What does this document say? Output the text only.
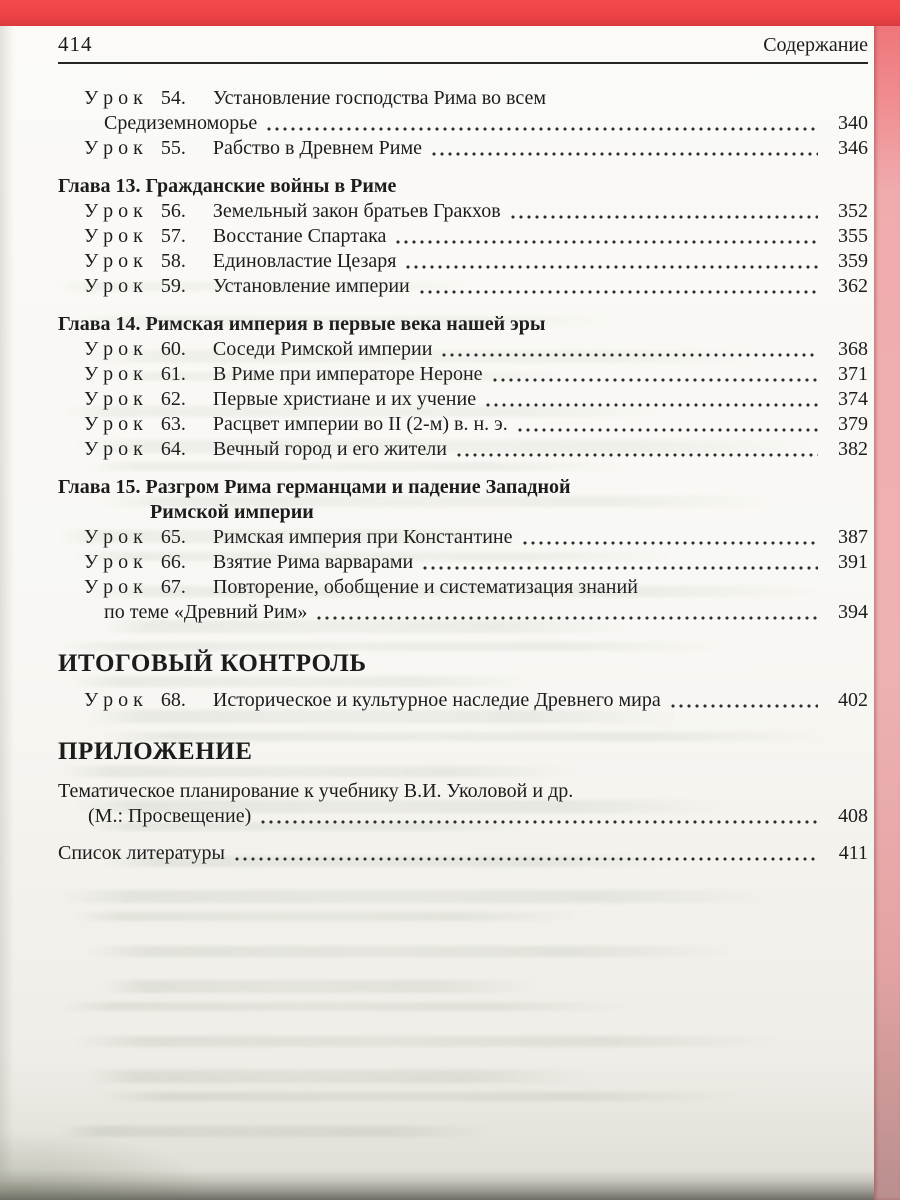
414	Содержание
У р о к 54.	Установление господства Рима во всем
Средиземноморье	340
У р о к 55.	Рабство в Древнем Риме	346
Глава 13. Гражданские войны в Риме
У р о к 56.	Земельный закон братьев Гракхов	352
У р о к 57.	Восстание Спартака	355
У р о к 58.	Единовластие Цезаря	359
У р о к 59.	Установление империи	362
Глава 14. Римская империя в первые века нашей эры
У р о к 60.	Соседи Римской империи	368
У р о к 61.	В Риме при императоре Нероне	371
У р о к 62.	Первые христиане и их учение	374
У р о к 63.	Расцвет империи во II (2-м) в. н. э.	379
У р о к 64.	Вечный город и его жители	382
Глава 15. Разгром Рима германцами и падение Западной
Римской империи
У р о к 65.	Римская империя при Константине	387
У р о к 66.	Взятие Рима варварами	391
У р о к 67.	Повторение, обобщение и систематизация знаний
по теме «Древний Рим»	394
ИТОГОВЫЙ КОНТРОЛЬ
У р о к 68.	Историческое и культурное наследие Древнего мира	402
ПРИЛОЖЕНИЕ
Тематическое планирование к учебнику В.И. Уколовой и др.
(М.: Просвещение)	408
Список литературы	411
